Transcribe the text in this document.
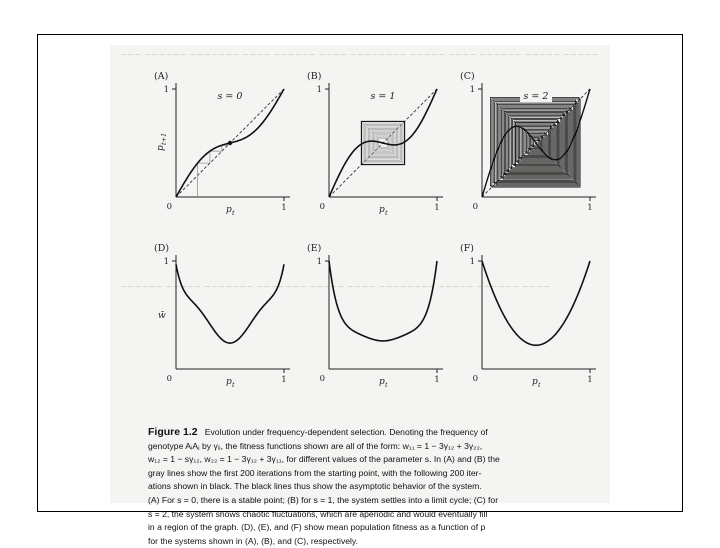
~~~ ~~~~~~ ~~~~~~~ ~~~~ ~~~~~~ ~~~~ ~~~~~~~~ ~~~~~ ~~~~ ~~~~~~ ~~~~~ ~~~~~
~~~~~~ ~~~~~ ~~~~~~~ ~~~~~~~ ~~~~~ ~~~~ ~~~~~~~~ ~~~~~ ~~~~~~ ~~~~
(A)
0	1
1
p t
p
t+1
s = 0
(B)
0	1
1
p t
s = 1
(C)
0	1
1
s = 2
(D)
0	1
1
p t
w̄
(E)
0	1
1
p t
(F)
0	1
1
p t
Figure 1.2 Evolution under frequency-dependent selection. Denoting the frequency of
genotype AᵢAⱼ by γᵢⱼ, the fitness functions shown are all of the form: w₁₁ = 1 − 3γ₁₂ + 3γ₂₂,
w₁₂ = 1 − sγ₁₂, w₂₂ = 1 − 3γ₁₂ + 3γ₁₁, for different values of the parameter s. In (A) and (B) the
gray lines show the first 200 iterations from the starting point, with the following 200 iter-
ations shown in black. The black lines thus show the asymptotic behavior of the system.
(A) For s = 0, there is a stable point; (B) for s = 1, the system settles into a limit cycle; (C) for
s = 2, the system shows chaotic fluctuations, which are aperiodic and would eventually fill
in a region of the graph. (D), (E), and (F) show mean population fitness as a function of p
for the systems shown in (A), (B), and (C), respectively.
